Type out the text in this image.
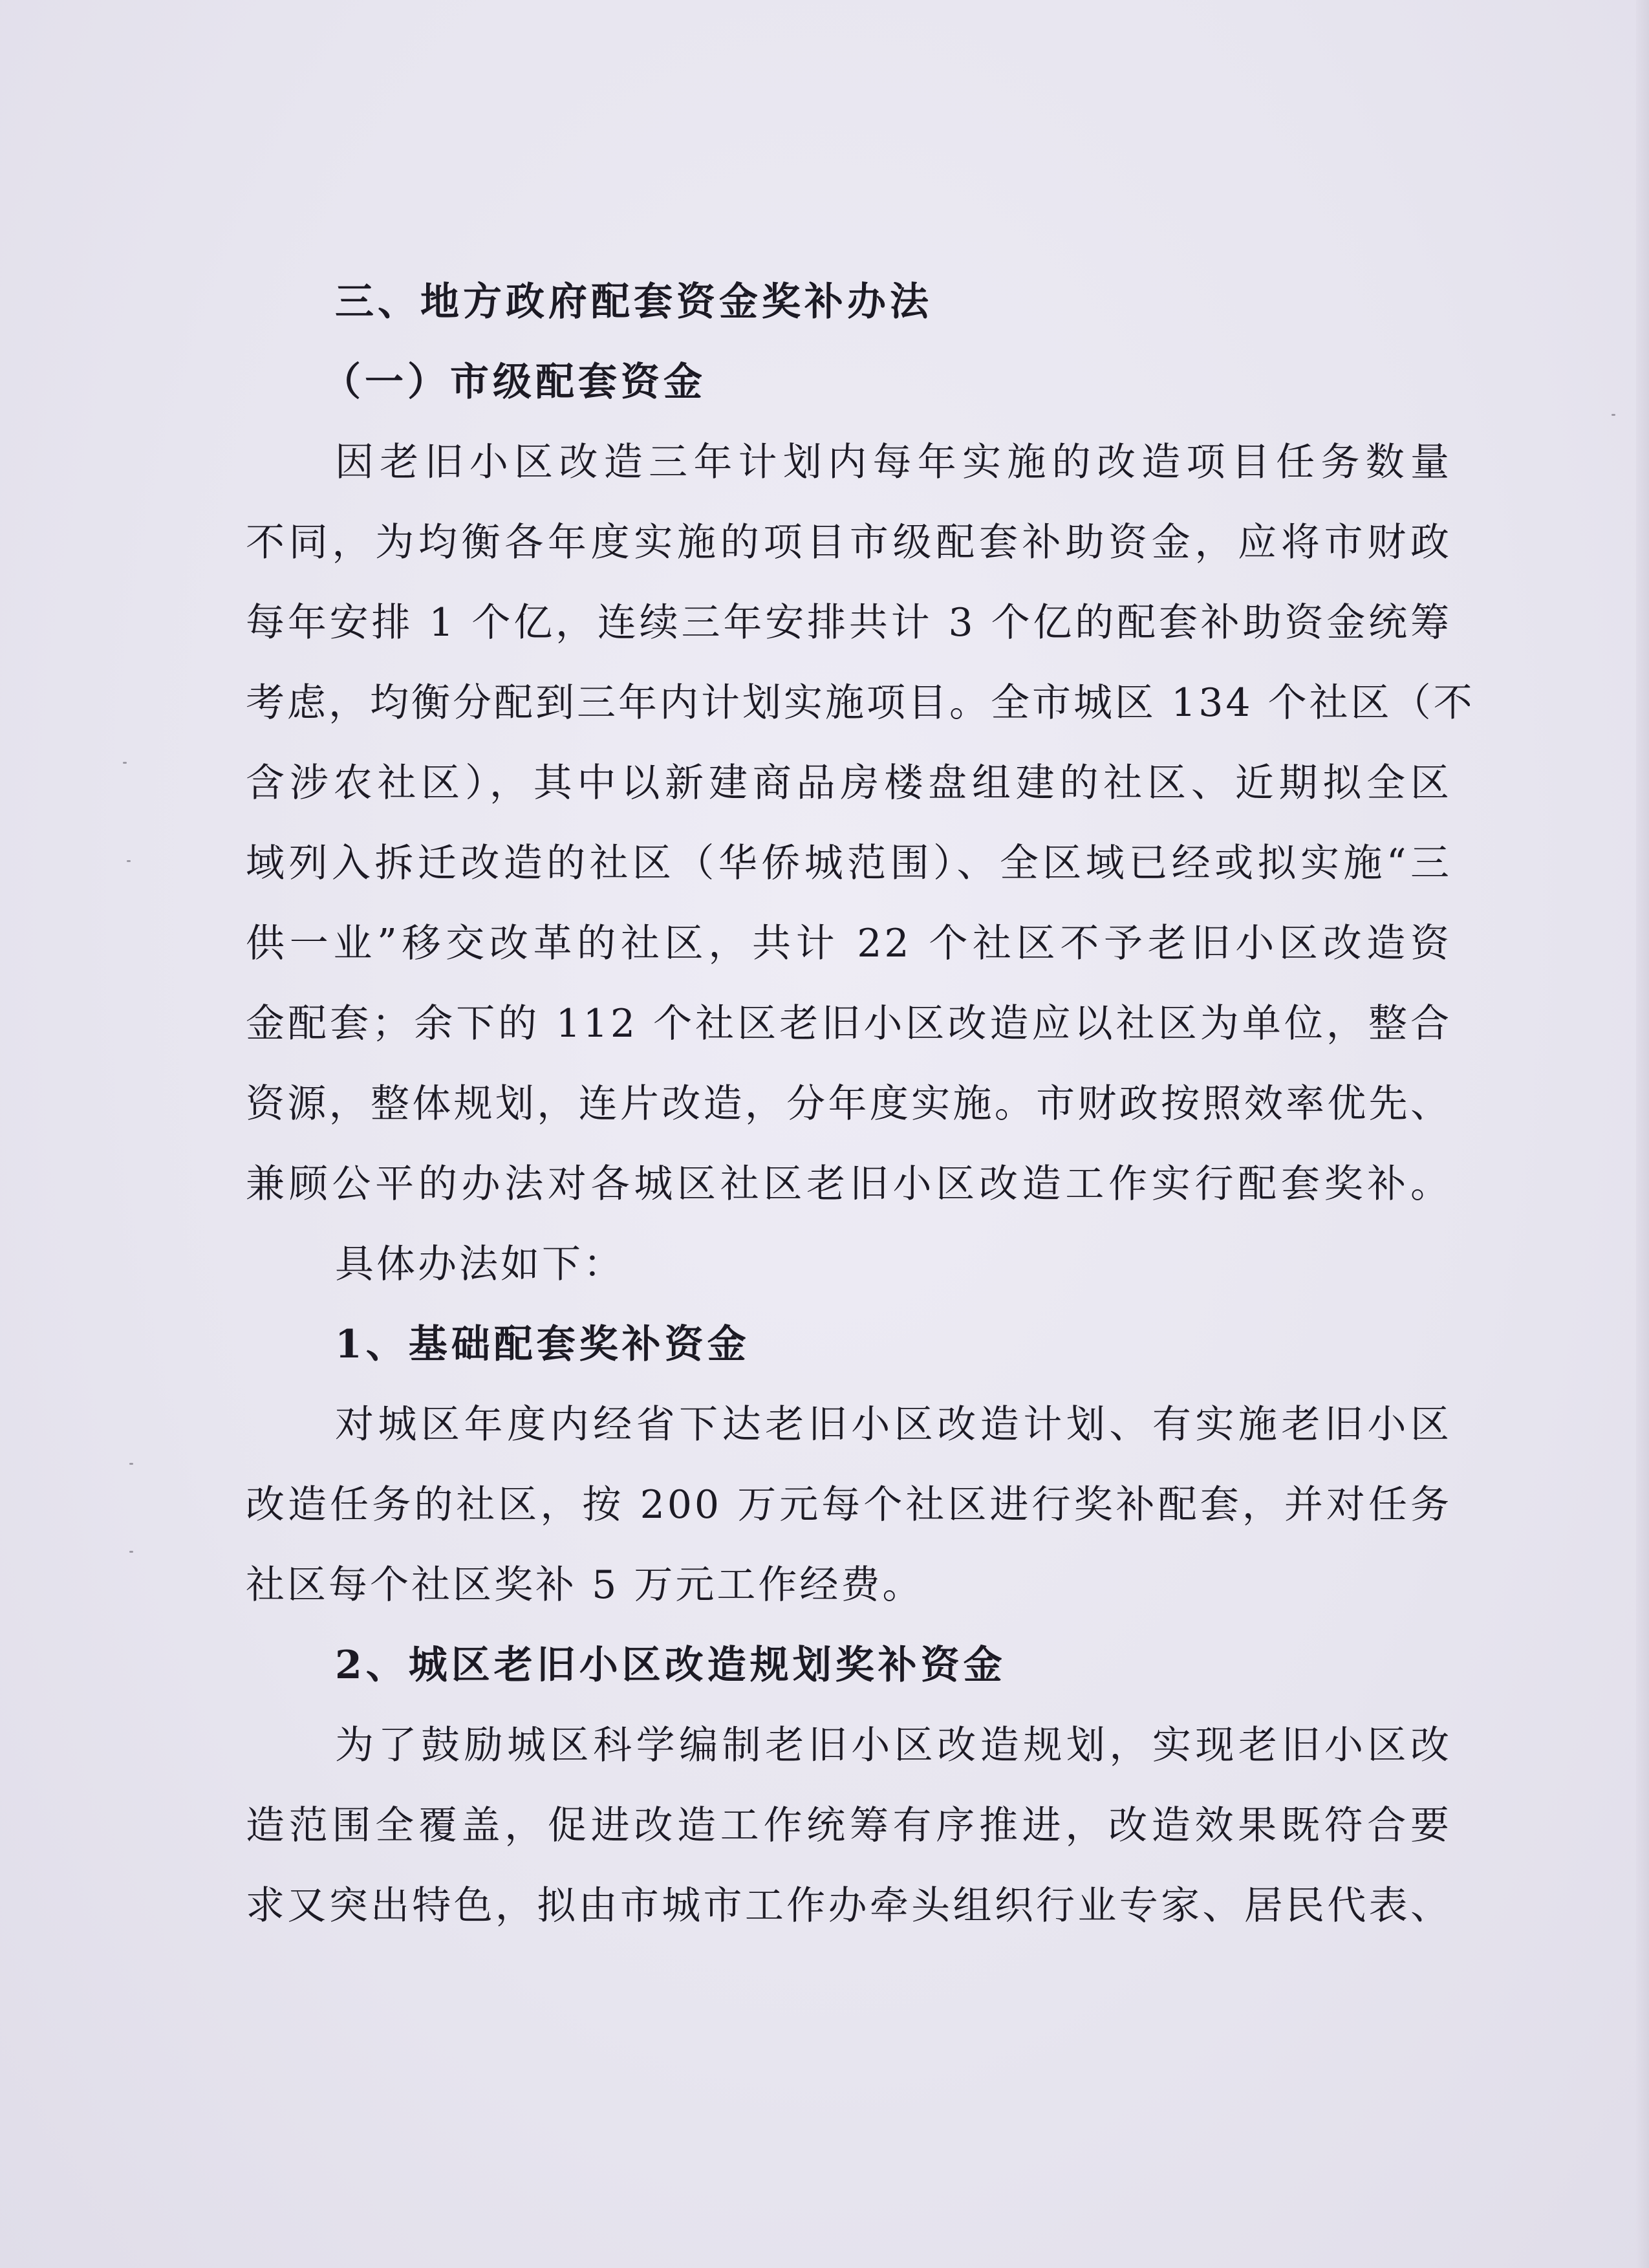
三、地方政府配套资金奖补办法
（一）市级配套资金
因老旧小区改造三年计划内每年实施的改造项目任务数量
不同，为均衡各年度实施的项目市级配套补助资金，应将市财政
每年安排 1 个亿，连续三年安排共计 3 个亿的配套补助资金统筹
考虑，均衡分配到三年内计划实施项目。全市城区 134 个社区（不
含涉农社区），其中以新建商品房楼盘组建的社区、近期拟全区
域列入拆迁改造的社区（华侨城范围）、全区域已经或拟实施“三
供一业”移交改革的社区，共计 22 个社区不予老旧小区改造资
金配套；余下的 112 个社区老旧小区改造应以社区为单位，整合
资源，整体规划，连片改造，分年度实施。市财政按照效率优先、
兼顾公平的办法对各城区社区老旧小区改造工作实行配套奖补。
具体办法如下：
1、基础配套奖补资金
对城区年度内经省下达老旧小区改造计划、有实施老旧小区
改造任务的社区，按 200 万元每个社区进行奖补配套，并对任务
社区每个社区奖补 5 万元工作经费。
2、城区老旧小区改造规划奖补资金
为了鼓励城区科学编制老旧小区改造规划，实现老旧小区改
造范围全覆盖，促进改造工作统筹有序推进，改造效果既符合要
求又突出特色，拟由市城市工作办牵头组织行业专家、居民代表、
